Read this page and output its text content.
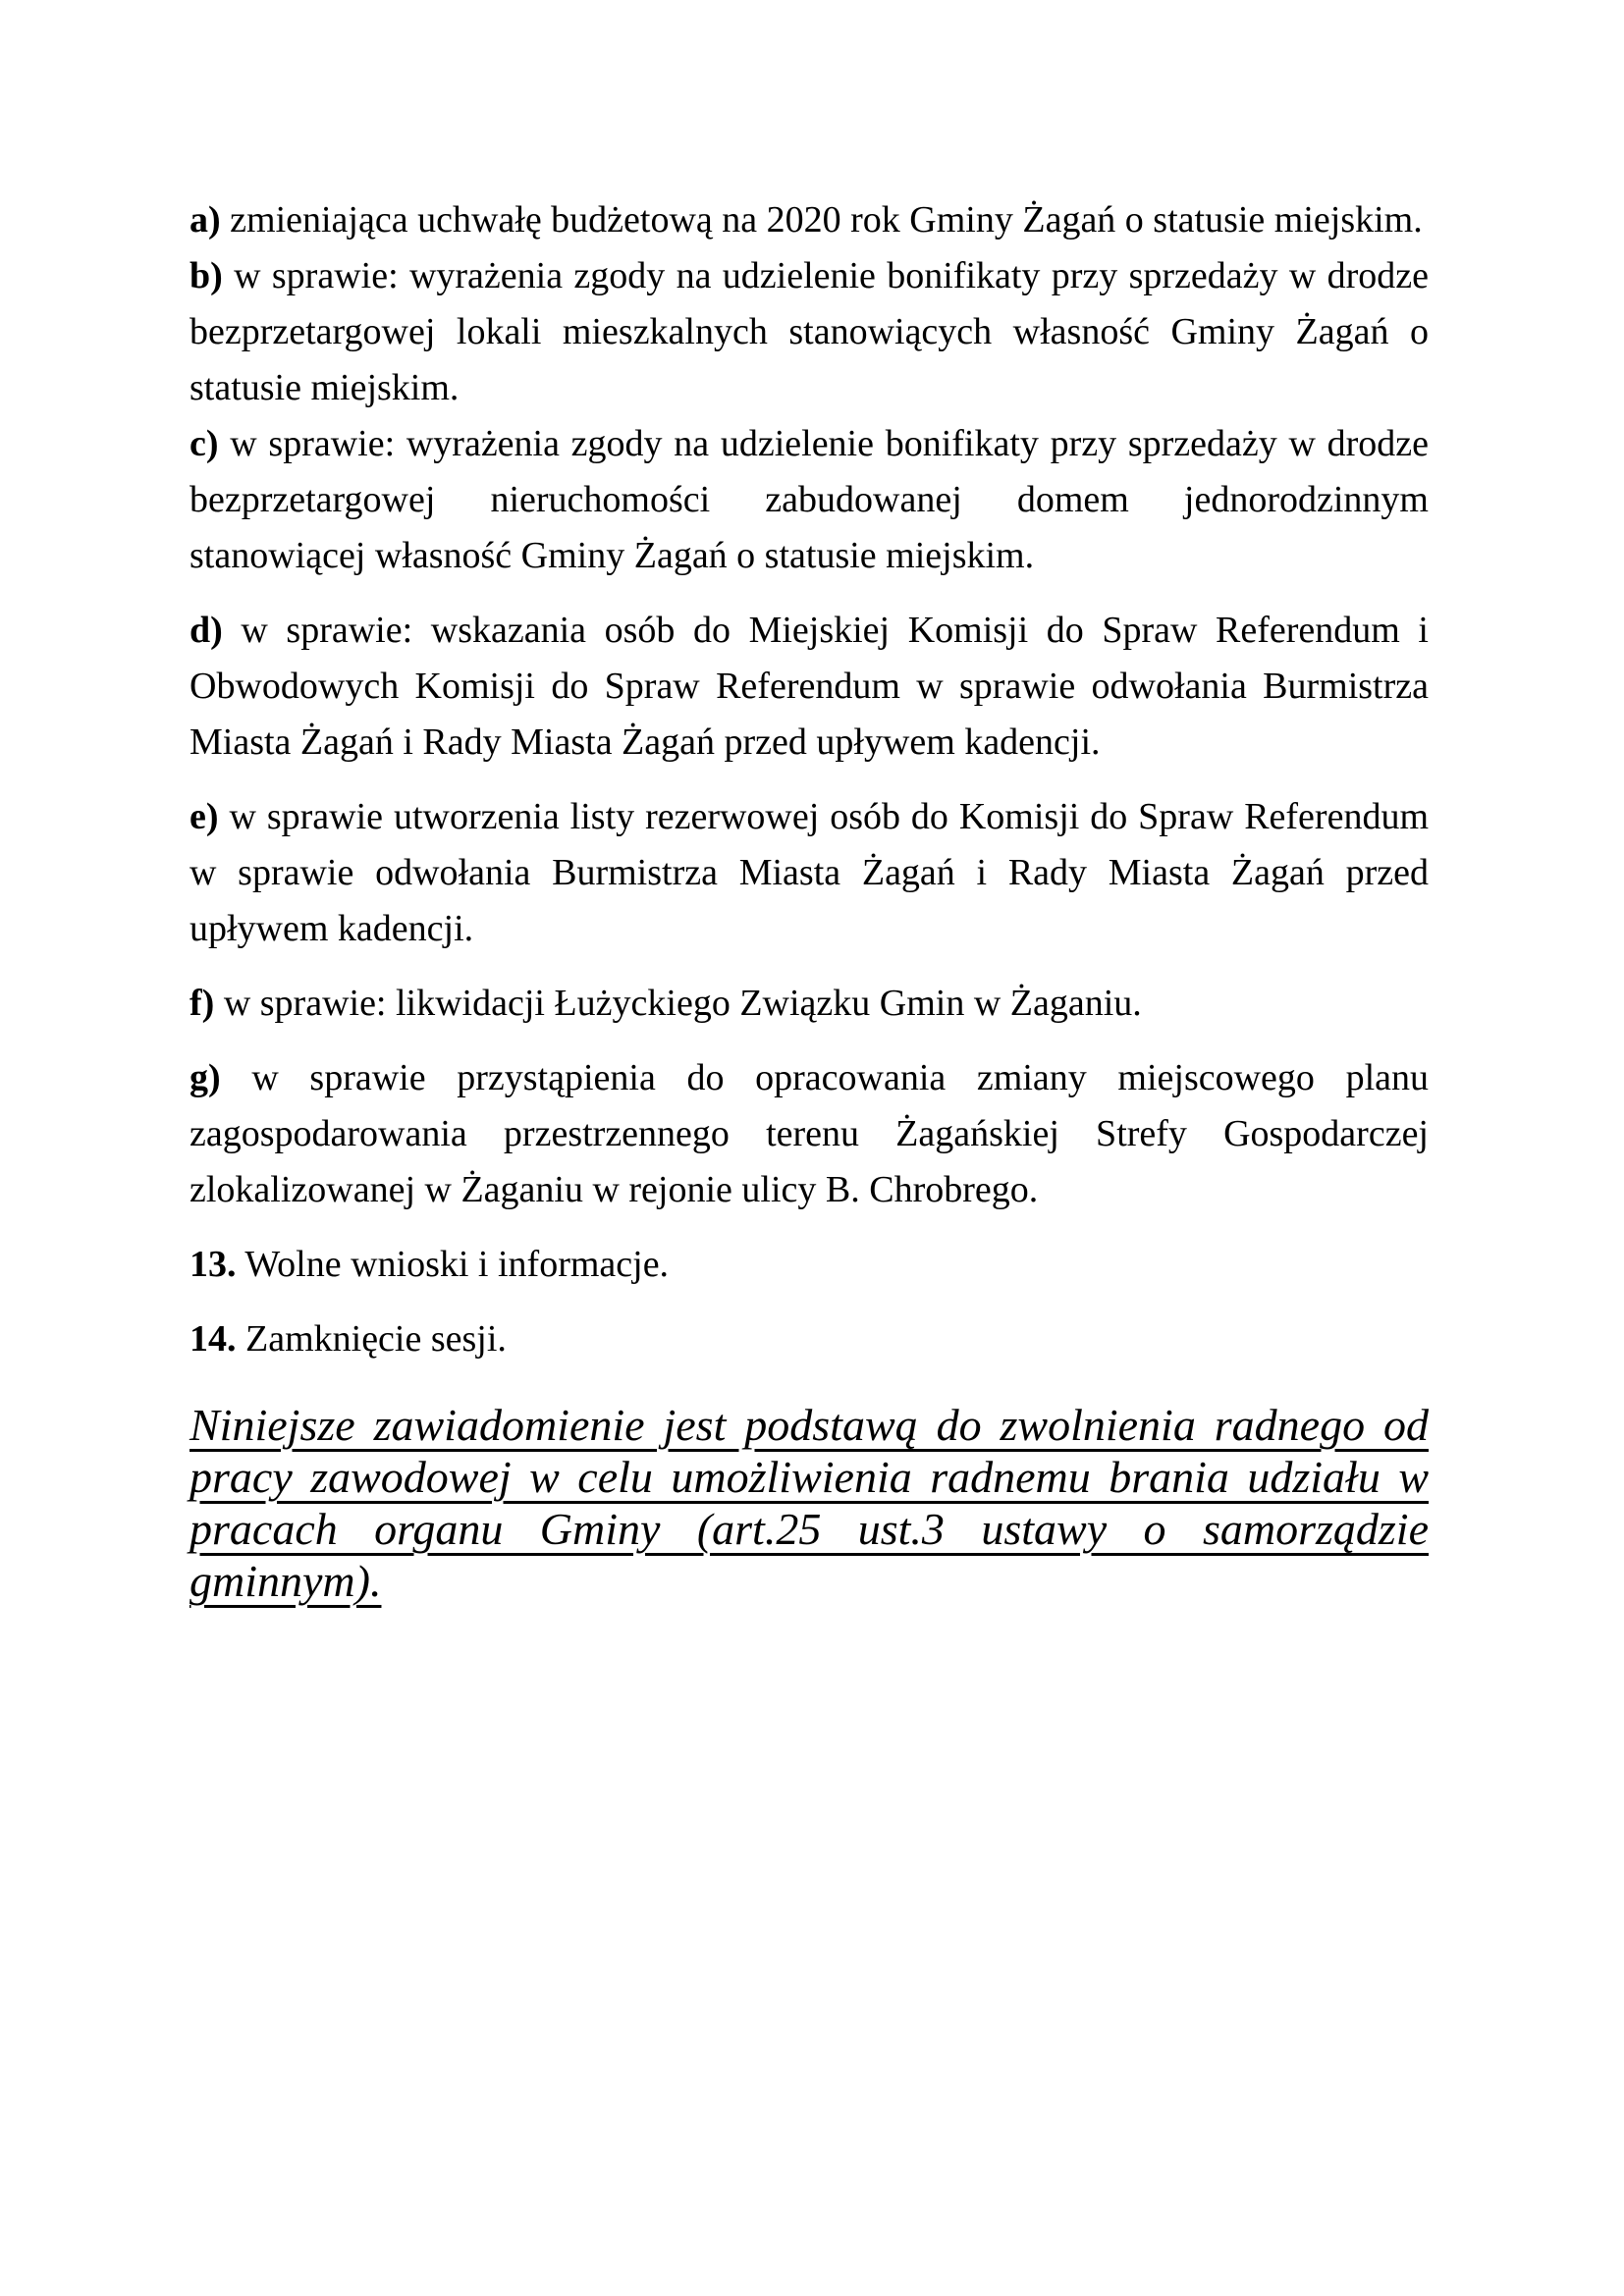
a) zmieniająca uchwałę budżetową na 2020 rok Gminy Żagań o statusie miejskim.

b) w sprawie: wyrażenia zgody na udzielenie bonifikaty przy sprzedaży w drodze bezprzetargowej lokali mieszkalnych stanowiących własność Gminy Żagań o statusie miejskim.

c) w sprawie: wyrażenia zgody na udzielenie bonifikaty przy sprzedaży w drodze bezprzetargowej nieruchomości zabudowanej domem jednorodzinnym stanowiącej własność Gminy Żagań o statusie miejskim.

d) w sprawie: wskazania osób do Miejskiej Komisji do Spraw Referendum i Obwodowych Komisji do Spraw Referendum w sprawie odwołania Burmistrza Miasta Żagań i Rady Miasta Żagań przed upływem kadencji.

e) w sprawie utworzenia listy rezerwowej osób do Komisji do Spraw Referendum w sprawie odwołania Burmistrza Miasta Żagań i Rady Miasta Żagań przed upływem kadencji.

f) w sprawie: likwidacji Łużyckiego Związku Gmin w Żaganiu.

g) w sprawie przystąpienia do opracowania zmiany miejscowego planu zagospodarowania przestrzennego terenu Żagańskiej Strefy Gospodarczej zlokalizowanej w Żaganiu w rejonie ulicy B. Chrobrego.

13. Wolne wnioski i informacje.

14. Zamknięcie sesji.

Niniejsze zawiadomienie jest podstawą do zwolnienia radnego od pracy zawodowej w celu umożliwienia radnemu brania udziału w pracach organu Gminy (art.25 ust.3 ustawy o samorządzie gminnym).
